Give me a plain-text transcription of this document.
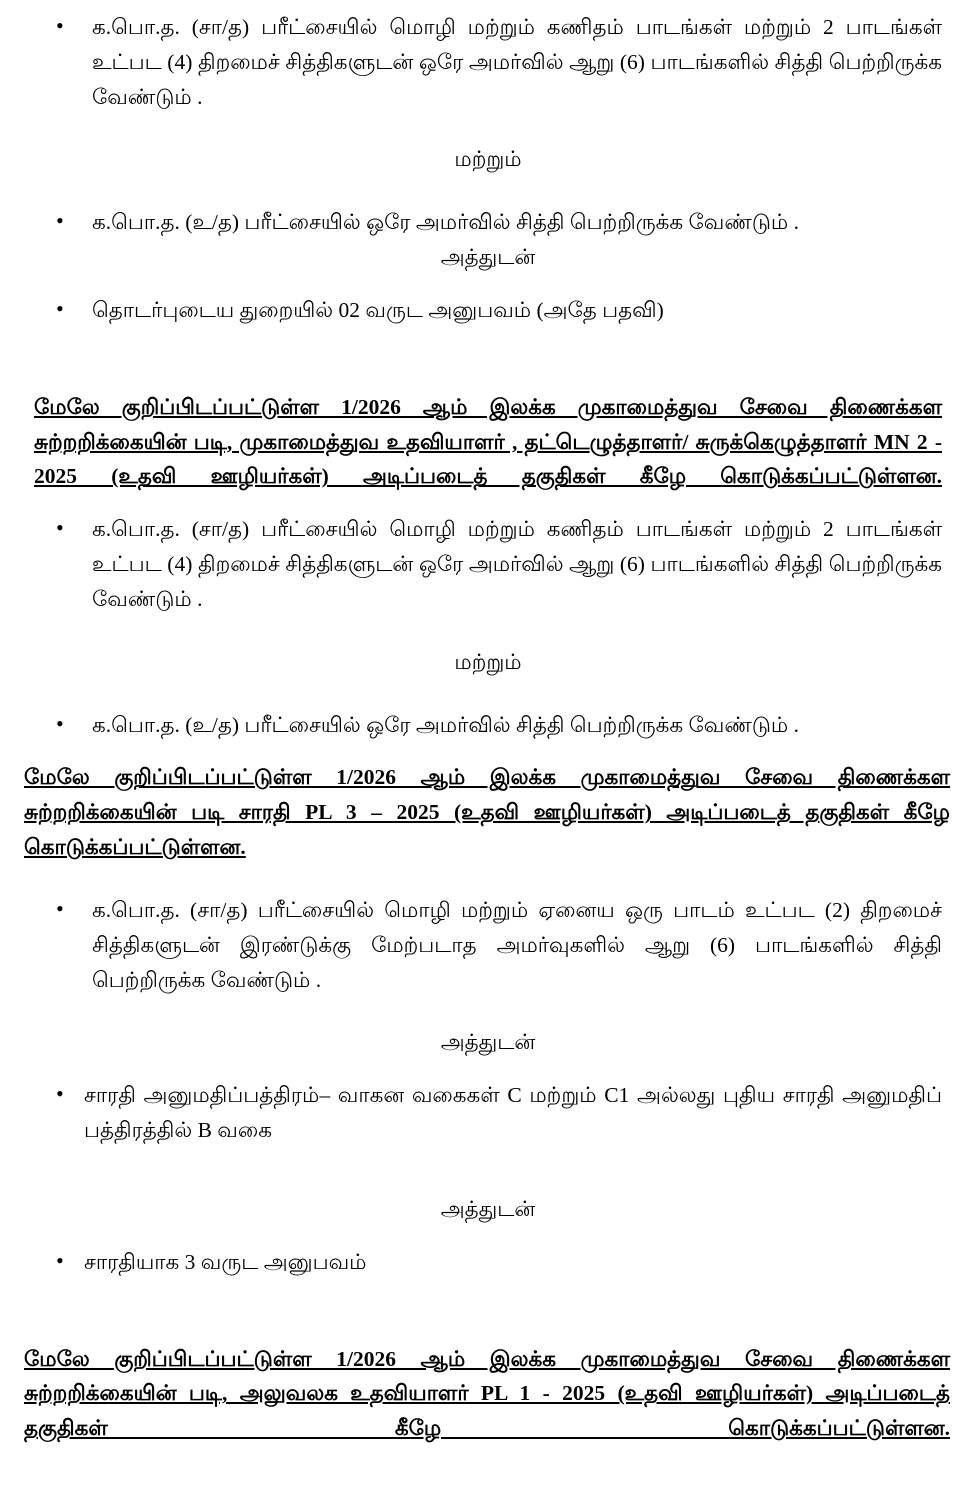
• க.பொ.த. (சா/த) பரீட்சையில் மொழி மற்றும் கணிதம் பாடங்கள் மற்றும் 2 பாடங்கள் உட்பட (4) திறமைச் சித்திகளுடன் ஒரே அமர்வில் ஆறு (6) பாடங்களில் சித்தி பெற்றிருக்க வேண்டும் .
மற்றும்
• க.பொ.த. (உ/த) பரீட்சையில் ஒரே அமர்வில் சித்தி பெற்றிருக்க வேண்டும் .
அத்துடன்
• தொடர்புடைய துறையில் 02 வருட அனுபவம் (அதே பதவி)

மேலே குறிப்பிடப்பட்டுள்ள 1/2026 ஆம் இலக்க முகாமைத்துவ சேவை திணைக்கள சுற்றறிக்கையின் படி, முகாமைத்துவ உதவியாளர் , தட்டெழுத்தாளர்/ சுருக்கெழுத்தாளர் MN 2 - 2025 (உதவி ஊழியர்கள்) அடிப்படைத் தகுதிகள் கீழே கொடுக்கப்பட்டுள்ளன.

• க.பொ.த. (சா/த) பரீட்சையில் மொழி மற்றும் கணிதம் பாடங்கள் மற்றும் 2 பாடங்கள் உட்பட (4) திறமைச் சித்திகளுடன் ஒரே அமர்வில் ஆறு (6) பாடங்களில் சித்தி பெற்றிருக்க வேண்டும் .
மற்றும்
• க.பொ.த. (உ/த) பரீட்சையில் ஒரே அமர்வில் சித்தி பெற்றிருக்க வேண்டும் .

மேலே குறிப்பிடப்பட்டுள்ள 1/2026 ஆம் இலக்க முகாமைத்துவ சேவை திணைக்கள சுற்றறிக்கையின் படி சாரதி PL 3 – 2025 (உதவி ஊழியர்கள்) அடிப்படைத் தகுதிகள் கீழே கொடுக்கப்பட்டுள்ளன.

• க.பொ.த. (சா/த) பரீட்சையில் மொழி மற்றும் ஏனைய ஒரு பாடம் உட்பட (2) திறமைச் சித்திகளுடன் இரண்டுக்கு மேற்படாத அமர்வுகளில் ஆறு (6) பாடங்களில் சித்தி பெற்றிருக்க வேண்டும் .
அத்துடன்
• சாரதி அனுமதிப்பத்திரம்– வாகன வகைகள் C மற்றும் C1 அல்லது புதிய சாரதி அனுமதிப் பத்திரத்தில் B வகை
அத்துடன்
• சாரதியாக 3 வருட அனுபவம்

மேலே குறிப்பிடப்பட்டுள்ள 1/2026 ஆம் இலக்க முகாமைத்துவ சேவை திணைக்கள சுற்றறிக்கையின் படி, அலுவலக உதவியாளர் PL 1 - 2025 (உதவி ஊழியர்கள்) அடிப்படைத் தகுதிகள் கீழே கொடுக்கப்பட்டுள்ளன.
